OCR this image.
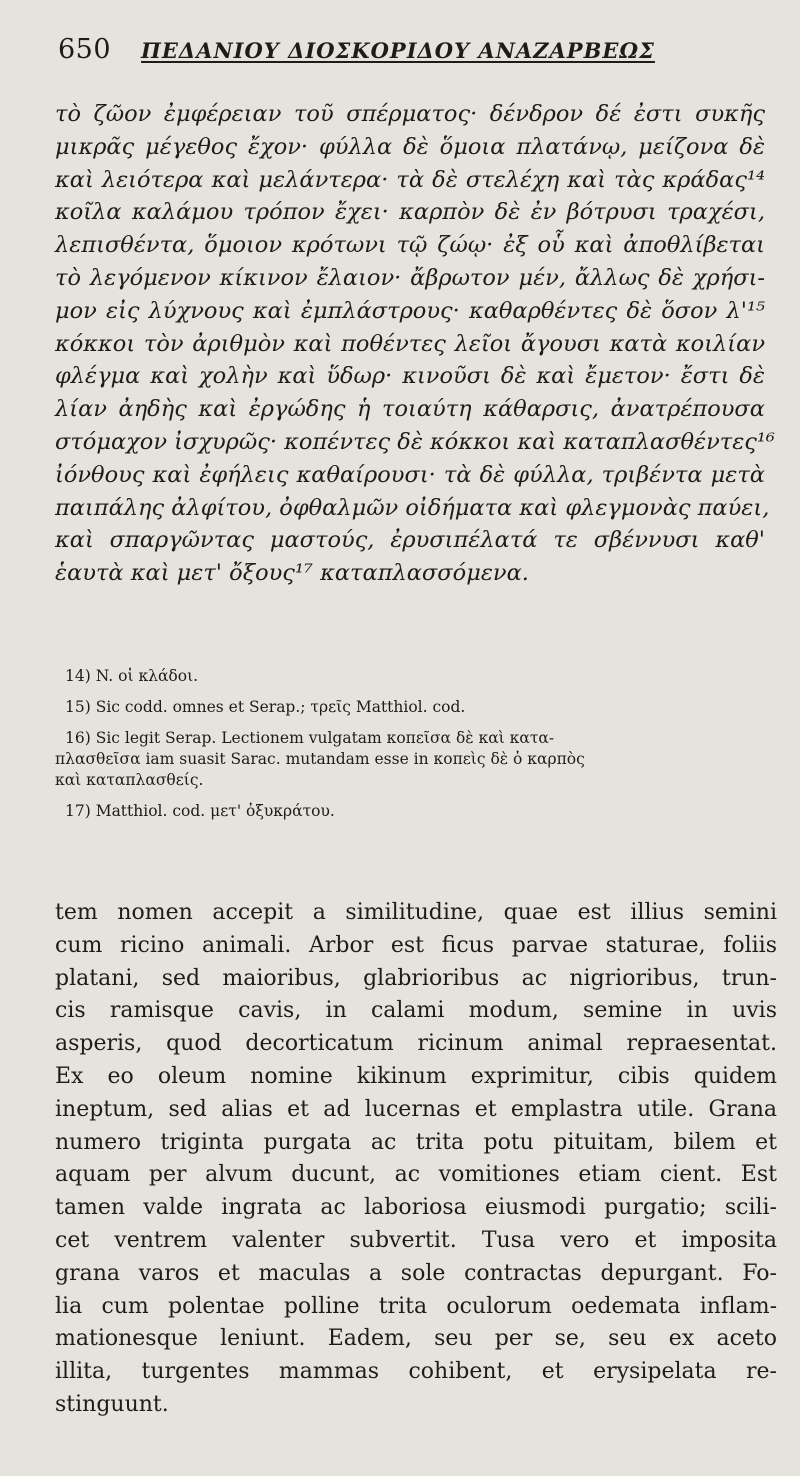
650 ΠΕΔΑΝΙΟΥ ΔΙΟΣΚΟΡΙΔΟΥ ΑΝΑΖΑΡΒΕΩΣ
τὸ ζῶον ἐμφέρειαν τοῦ σπέρματος· δένδρον δέ ἐστι συκῆς
μικρᾶς μέγεθος ἔχον· φύλλα δὲ ὅμοια πλατάνῳ, μείζονα δὲ
καὶ λειότερα καὶ μελάντερα· τὰ δὲ στελέχη καὶ τὰς κράδας¹⁴
κοῖλα καλάμου τρόπον ἔχει· καρπὸν δὲ ἐν βότρυσι τραχέσι,
λεπισθέντα, ὅμοιον κρότωνι τῷ ζώῳ· ἐξ οὗ καὶ ἀποθλίβεται
τὸ λεγόμενον κίκινον ἔλαιον· ἄβρωτον μέν, ἄλλως δὲ χρήσι-
μον εἰς λύχνους καὶ ἐμπλάστρους· καθαρθέντες δὲ ὅσον λ'¹⁵
κόκκοι τὸν ἀριθμὸν καὶ ποθέντες λεῖοι ἄγουσι κατὰ κοιλίαν
φλέγμα καὶ χολὴν καὶ ὕδωρ· κινοῦσι δὲ καὶ ἔμετον· ἔστι δὲ
λίαν ἀηδὴς καὶ ἐργώδης ἡ τοιαύτη κάθαρσις, ἀνατρέπουσα
στόμαχον ἰσχυρῶς· κοπέντες δὲ κόκκοι καὶ καταπλασθέντες¹⁶
ἰόνθους καὶ ἐφήλεις καθαίρουσι· τὰ δὲ φύλλα, τριβέντα μετὰ
παιπάλης ἀλφίτου, ὀφθαλμῶν οἰδήματα καὶ φλεγμονὰς παύει,
καὶ σπαργῶντας μαστούς, ἐρυσιπέλατά τε σβέννυσι καθ'
ἑαυτὰ καὶ μετ' ὄξους¹⁷ καταπλασσόμενα.
14) N. οἱ κλάδοι.
15) Sic codd. omnes et Serap.; τρεῖς Matthiol. cod.
16) Sic legit Serap. Lectionem vulgatam κοπεῖσα δὲ καὶ κατα-
πλασθεῖσα iam suasit Sarac. mutandam esse in κοπεὶς δὲ ὁ καρπὸς
καὶ καταπλασθείς.
17) Matthiol. cod. μετ' ὀξυκράτου.
tem nomen accepit a similitudine, quae est illius semini
cum ricino animali. Arbor est ficus parvae staturae, foliis
platani, sed maioribus, glabrioribus ac nigrioribus, trun-
cis ramisque cavis, in calami modum, semine in uvis
asperis, quod decorticatum ricinum animal repraesentat.
Ex eo oleum nomine kikinum exprimitur, cibis quidem
ineptum, sed alias et ad lucernas et emplastra utile. Grana
numero triginta purgata ac trita potu pituitam, bilem et
aquam per alvum ducunt, ac vomitiones etiam cient. Est
tamen valde ingrata ac laboriosa eiusmodi purgatio; scili-
cet ventrem valenter subvertit. Tusa vero et imposita
grana varos et maculas a sole contractas depurgant. Fo-
lia cum polentae polline trita oculorum oedemata inflam-
mationesque leniunt. Eadem, seu per se, seu ex aceto
illita, turgentes mammas cohibent, et erysipelata re-
stinguunt.
